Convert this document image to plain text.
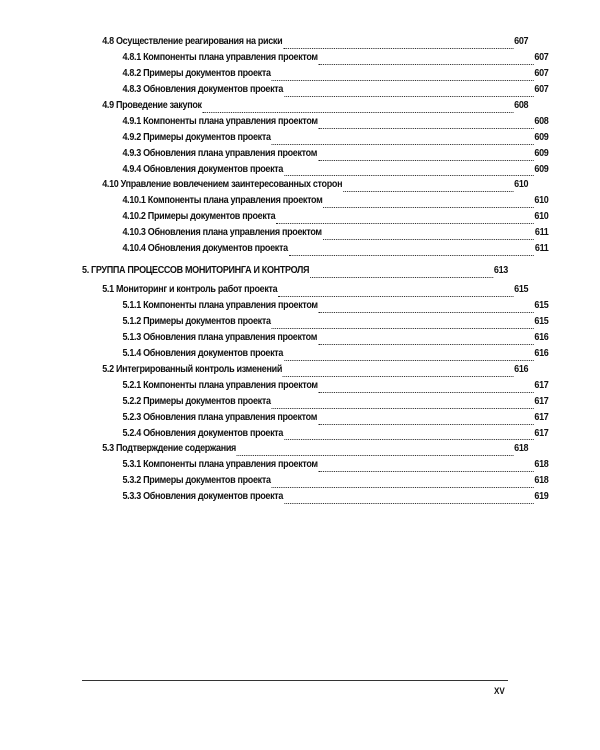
4.8 Осуществление реагирования на риски	607
4.8.1 Компоненты плана управления проектом	607
4.8.2 Примеры документов проекта	607
4.8.3 Обновления документов проекта	607
4.9 Проведение закупок	608
4.9.1 Компоненты плана управления проектом	608
4.9.2 Примеры документов проекта	609
4.9.3 Обновления плана управления проектом	609
4.9.4 Обновления документов проекта	609
4.10 Управление вовлечением заинтересованных сторон	610
4.10.1 Компоненты плана управления проектом	610
4.10.2 Примеры документов проекта	610
4.10.3 Обновления плана управления проектом	611
4.10.4 Обновления документов проекта	611
5. ГРУППА ПРОЦЕССОВ МОНИТОРИНГА И КОНТРОЛЯ	613
5.1 Мониторинг и контроль работ проекта	615
5.1.1 Компоненты плана управления проектом	615
5.1.2 Примеры документов проекта	615
5.1.3 Обновления плана управления проектом	616
5.1.4 Обновления документов проекта	616
5.2 Интегрированный контроль изменений	616
5.2.1 Компоненты плана управления проектом	617
5.2.2 Примеры документов проекта	617
5.2.3 Обновления плана управления проектом	617
5.2.4 Обновления документов проекта	617
5.3 Подтверждение содержания	618
5.3.1 Компоненты плана управления проектом	618
5.3.2 Примеры документов проекта	618
5.3.3 Обновления документов проекта	619
XV
